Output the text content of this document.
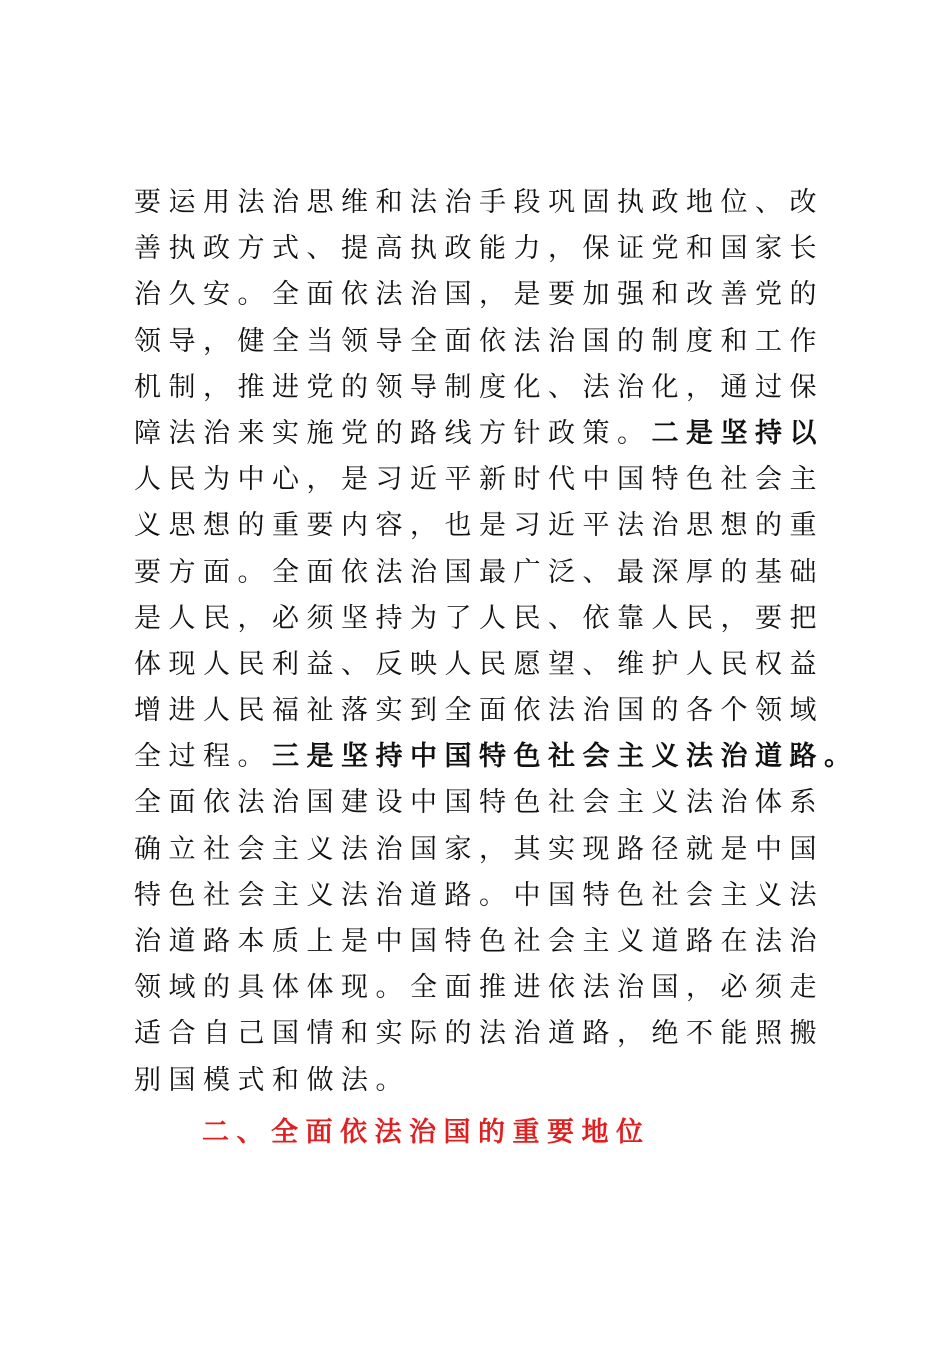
要运用法治思维和法治手段巩固执政地位、改
善执政方式、提高执政能力，保证党和国家长
治久安。全面依法治国，是要加强和改善党的
领导，健全当领导全面依法治国的制度和工作
机制，推进党的领导制度化、法治化，通过保
障法治来实施党的路线方针政策。二是坚持以
人民为中心，是习近平新时代中国特色社会主
义思想的重要内容，也是习近平法治思想的重
要方面。全面依法治国最广泛、最深厚的基础
是人民，必须坚持为了人民、依靠人民，要把
体现人民利益、反映人民愿望、维护人民权益
增进人民福祉落实到全面依法治国的各个领域
全过程。三是坚持中国特色社会主义法治道路。
全面依法治国建设中国特色社会主义法治体系
确立社会主义法治国家，其实现路径就是中国
特色社会主义法治道路。中国特色社会主义法
治道路本质上是中国特色社会主义道路在法治
领域的具体体现。全面推进依法治国，必须走
适合自己国情和实际的法治道路，绝不能照搬
别国模式和做法。
二、全面依法治国的重要地位
